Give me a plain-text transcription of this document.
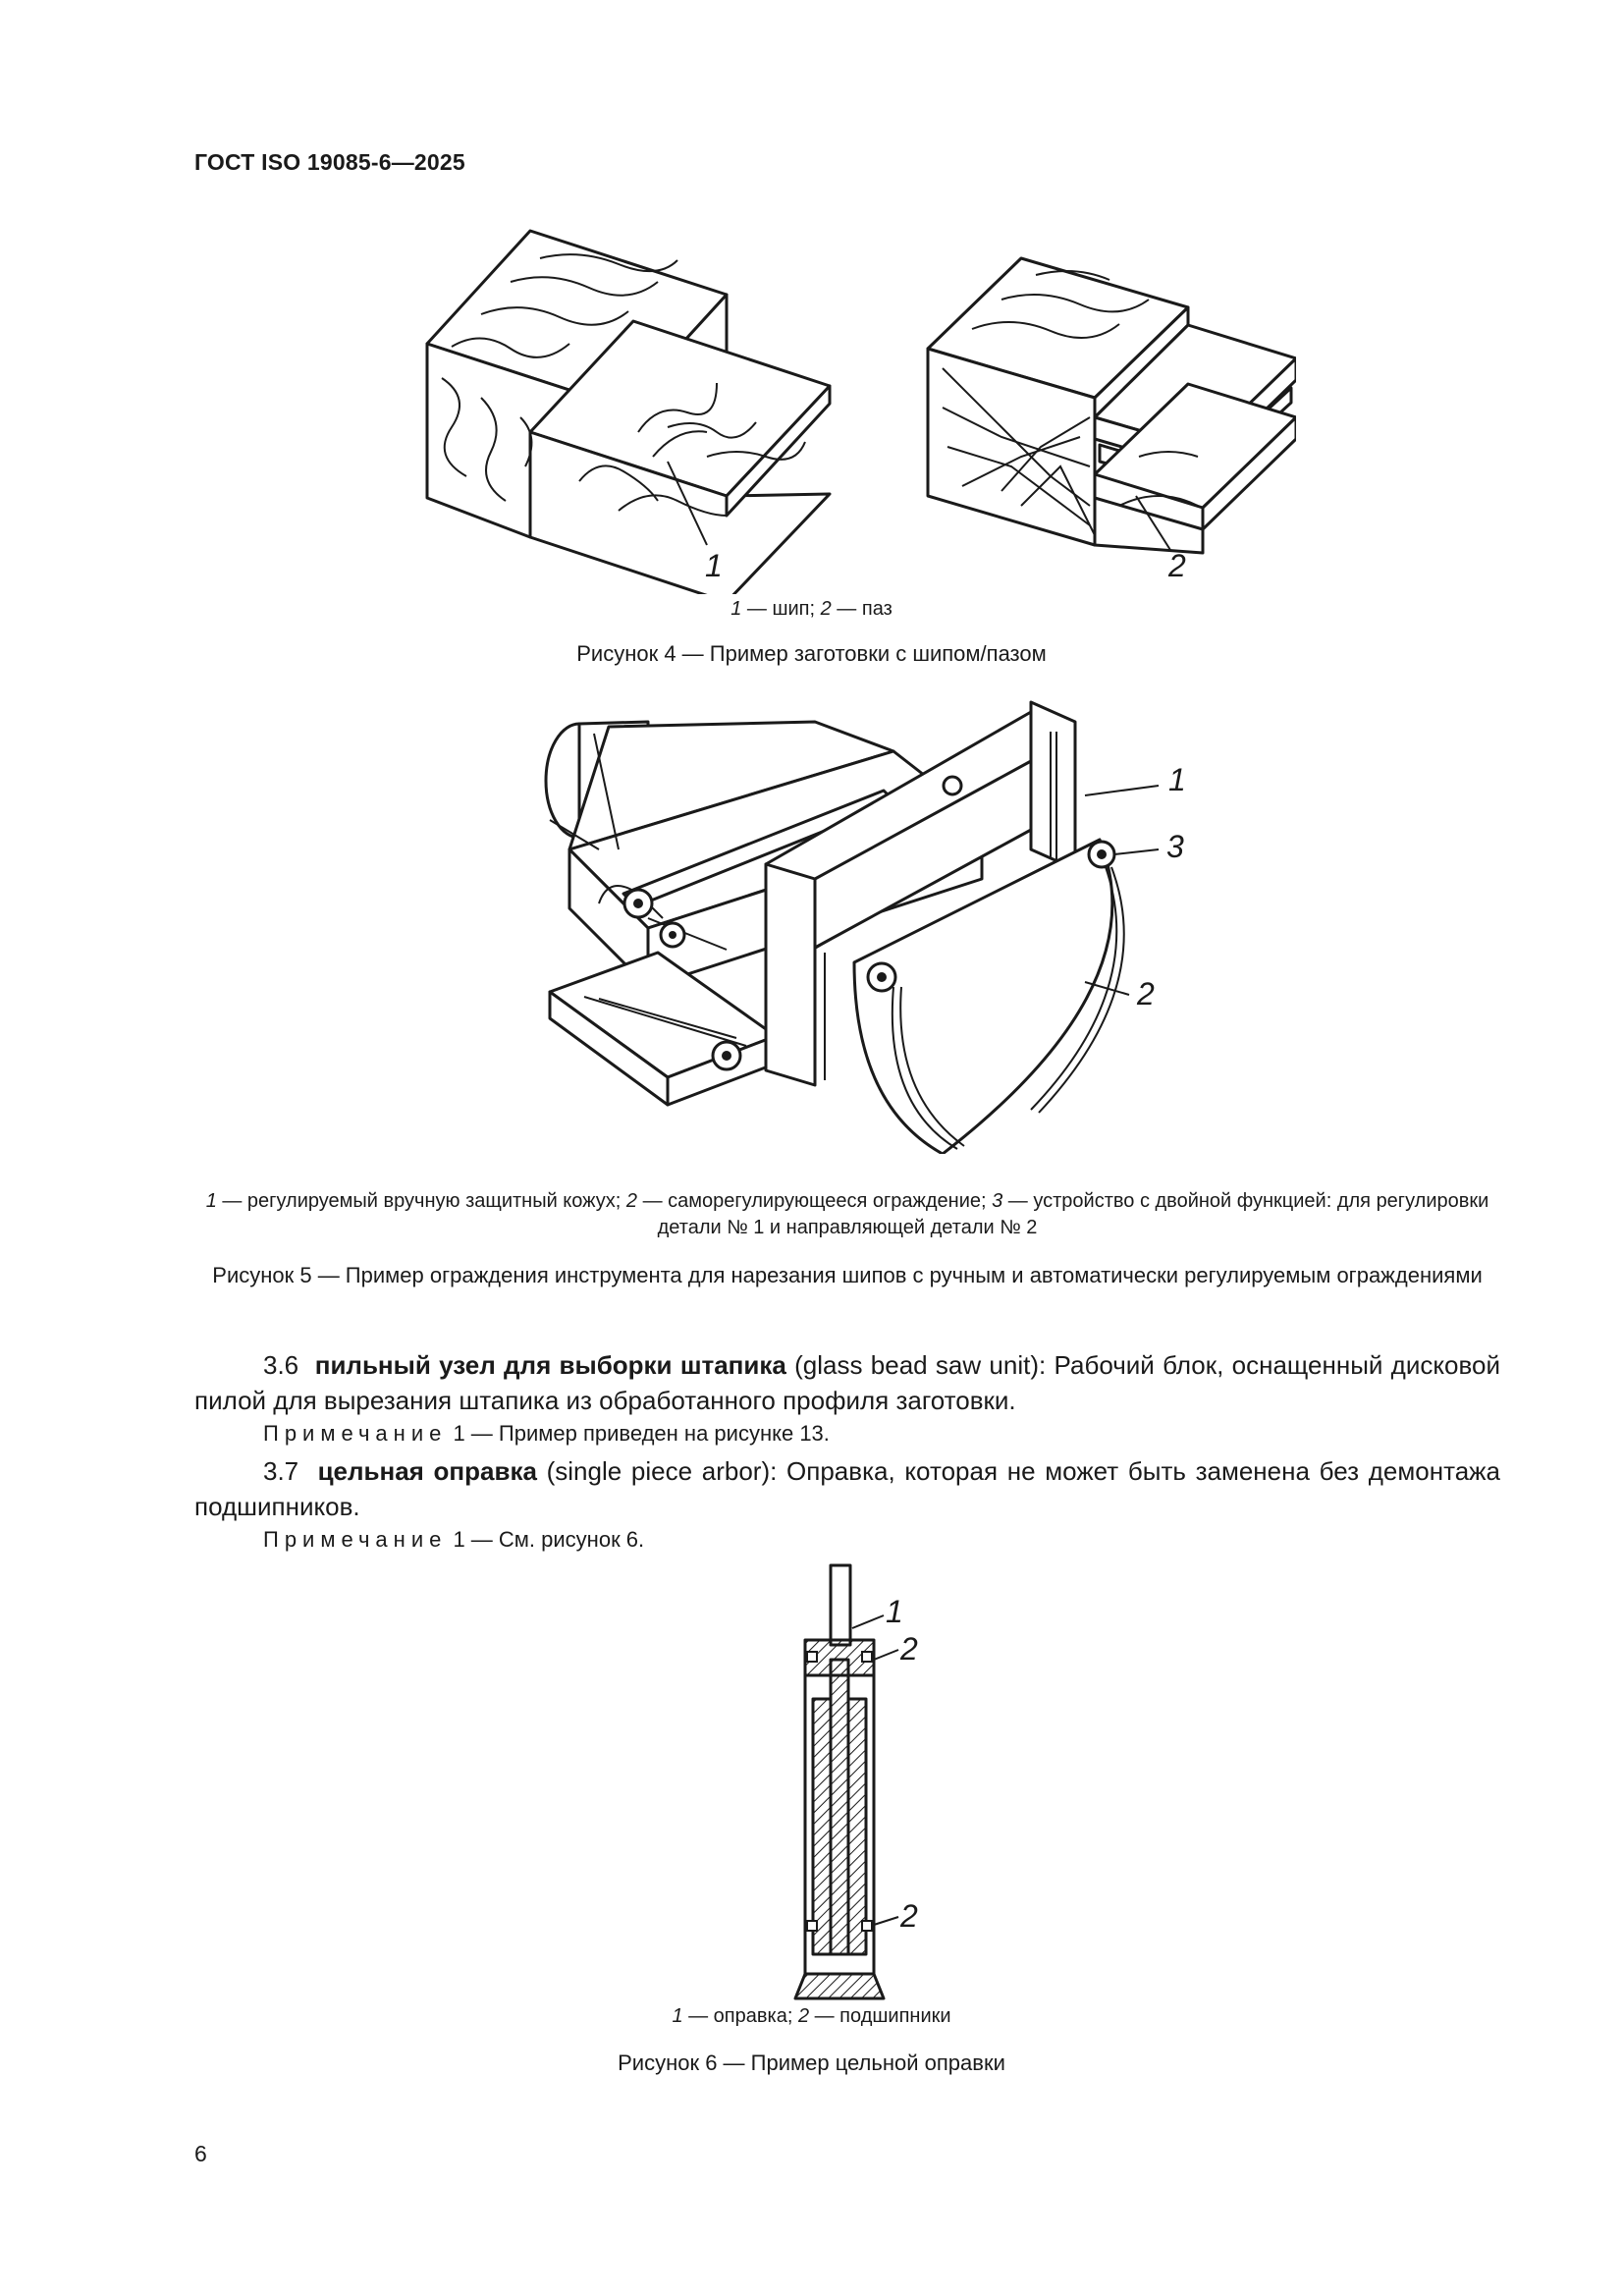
ГОСТ ISO 19085-6—2025
1	2
1 — шип; 2 — паз
Рисунок 4 — Пример заготовки с шипом/пазом
1
3
2
1 — регулируемый вручную защитный кожух; 2 — саморегулирующееся ограждение; 3 — устройство с двойной функцией: для регулировки детали № 1 и направляющей детали № 2
Рисунок 5 — Пример ограждения инструмента для нарезания шипов с ручным и автоматически регулируемым ограждениями
3.6 пильный узел для выборки штапика (glass bead saw unit): Рабочий блок, оснащенный дисковой пилой для вырезания штапика из обработанного профиля заготовки.
Примечание 1 — Пример приведен на рисунке 13.
3.7 цельная оправка (single piece arbor): Оправка, которая не может быть заменена без демонтажа подшипников.
Примечание 1 — См. рисунок 6.
1
2
2
1 — оправка; 2 — подшипники
Рисунок 6 — Пример цельной оправки
6
